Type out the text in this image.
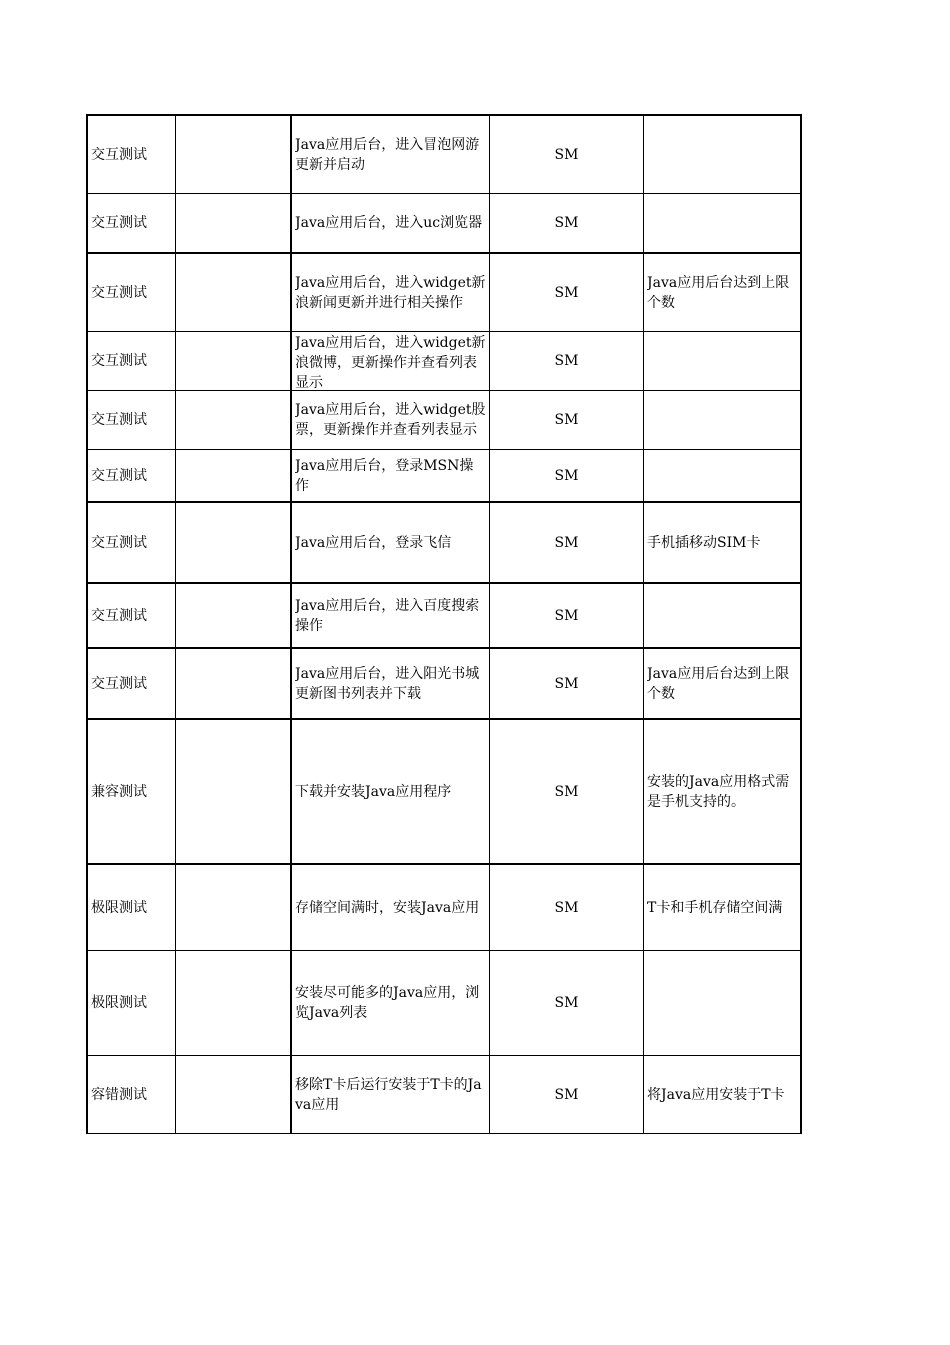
交互测试		Java应用后台，进入冒泡网游更新并启动	SM	

交互测试		Java应用后台，进入uc浏览器	SM	

交互测试		Java应用后台，进入widget新浪新闻更新并进行相关操作	SM	Java应用后台达到上限个数

交互测试		Java应用后台，进入widget新浪微博，更新操作并查看列表显示	SM	

交互测试		Java应用后台，进入widget股票，更新操作并查看列表显示	SM	

交互测试		Java应用后台，登录MSN操作	SM	

交互测试		Java应用后台，登录飞信	SM	手机插移动SIM卡

交互测试		Java应用后台，进入百度搜索操作	SM	

交互测试		Java应用后台，进入阳光书城更新图书列表并下载	SM	Java应用后台达到上限个数

兼容测试		下载并安装Java应用程序	SM	安装的Java应用格式需是手机支持的。

极限测试		存储空间满时，安装Java应用	SM	T卡和手机存储空间满

极限测试		安装尽可能多的Java应用，浏览Java列表	SM	

容错测试		移除T卡后运行安装于T卡的Java应用	SM	将Java应用安装于T卡
